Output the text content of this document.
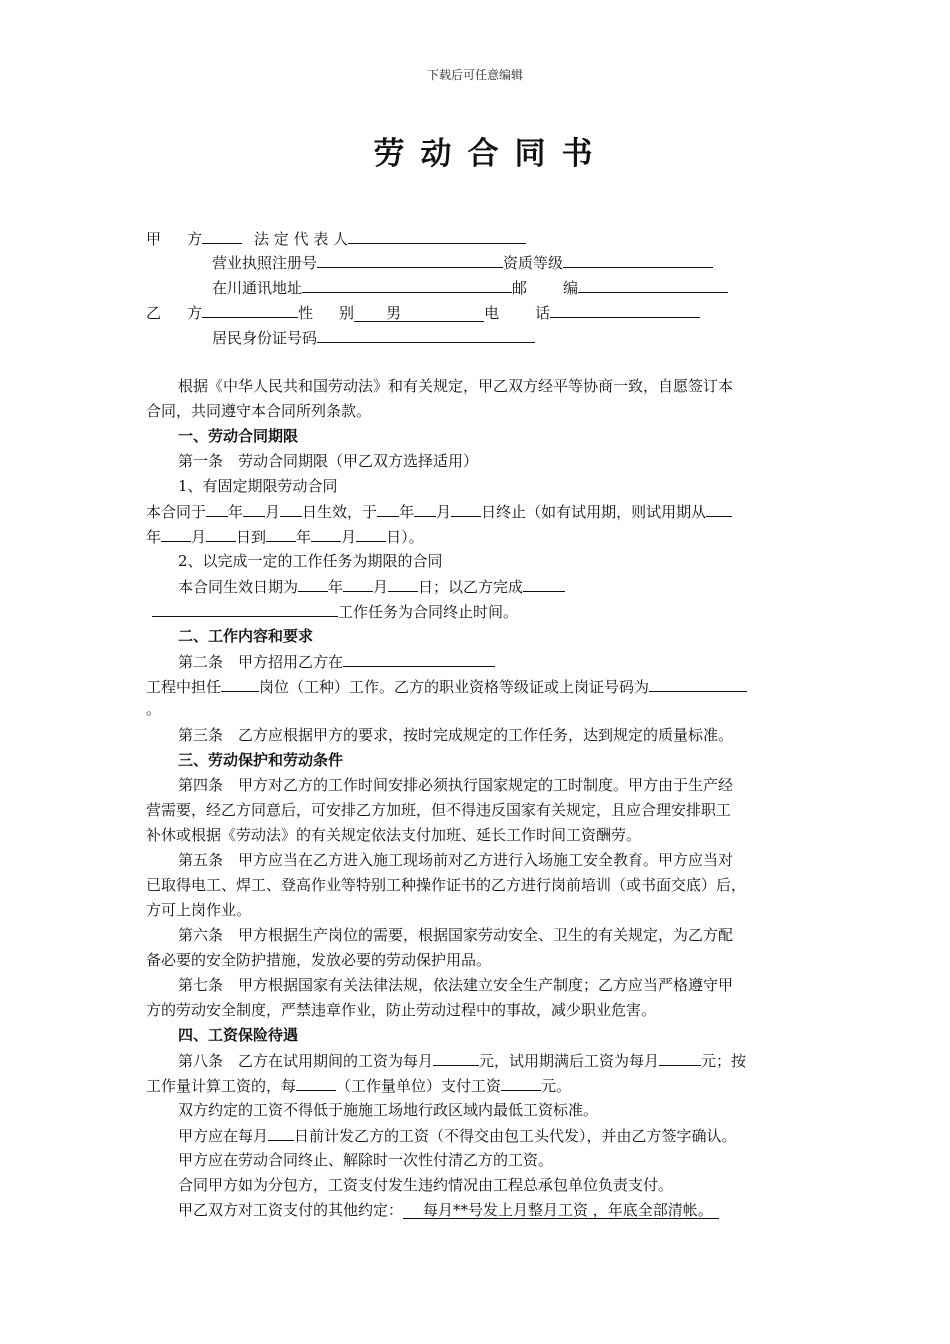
下载后可任意编辑
劳动合同书
甲 方	法 定 代 表 人
营业执照注册号	资质等级
在川通讯地址	邮 编
乙 方	性 别 男	电 话
居民身份证号码
根据《中华人民共和国劳动法》和有关规定，甲乙双方经平等协商一致，自愿签订本
合同，共同遵守本合同所列条款。
一、劳动合同期限
第一条　劳动合同期限（甲乙双方选择适用）
1、有固定期限劳动合同
本合同于 年 月 日生效，于 年 月 日终止（如有试用期，则试用期从
年 月 日到 年 月 日）。
2、以完成一定的工作任务为期限的合同
本合同生效日期为 年 月 日；以乙方完成
工作任务为合同终止时间。
二、工作内容和要求
第二条　甲方招用乙方在
工程中担任	岗位（工种）工作。乙方的职业资格等级证或上岗证号码为
。
第三条　乙方应根据甲方的要求，按时完成规定的工作任务，达到规定的质量标准。
三、劳动保护和劳动条件
第四条　甲方对乙方的工作时间安排必须执行国家规定的工时制度。甲方由于生产经
营需要，经乙方同意后，可安排乙方加班，但不得违反国家有关规定，且应合理安排职工
补休或根据《劳动法》的有关规定依法支付加班、延长工作时间工资酬劳。
第五条　甲方应当在乙方进入施工现场前对乙方进行入场施工安全教育。甲方应当对
已取得电工、焊工、登高作业等特别工种操作证书的乙方进行岗前培训（或书面交底）后，
方可上岗作业。
第六条　甲方根据生产岗位的需要，根据国家劳动安全、卫生的有关规定，为乙方配
备必要的安全防护措施，发放必要的劳动保护用品。
第七条　甲方根据国家有关法律法规，依法建立安全生产制度；乙方应当严格遵守甲
方的劳动安全制度，严禁违章作业，防止劳动过程中的事故，减少职业危害。
四、工资保险待遇
第八条　乙方在试用期间的工资为每月	元，试用期满后工资为每月	元；按
工作量计算工资的，每	（工作量单位）支付工资	元。
双方约定的工资不得低于施施工场地行政区域内最低工资标准。
甲方应在每月 日前计发乙方的工资（不得交由包工头代发），并由乙方签字确认。
甲方应在劳动合同终止、解除时一次性付清乙方的工资。
合同甲方如为分包方，工资支付发生违约情况由工程总承包单位负责支付。
甲乙双方对工资支付的其他约定： 每月**号发上月整月工资 ，年底全部清帐。
